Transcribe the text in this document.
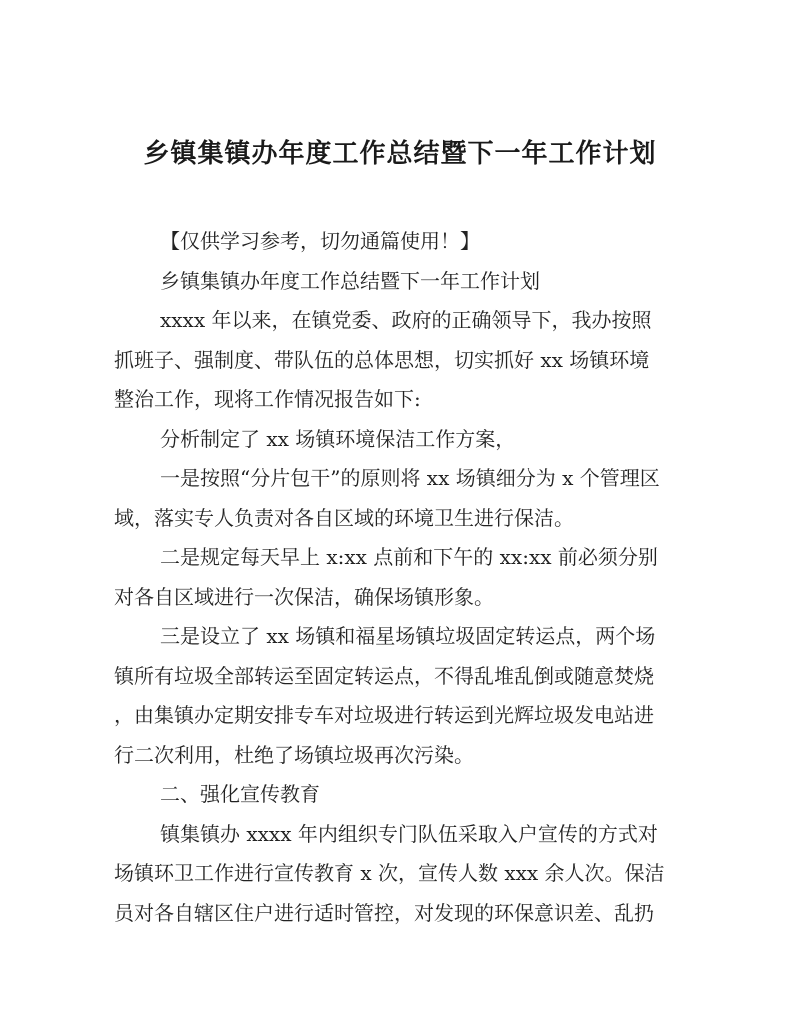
乡镇集镇办年度工作总结暨下一年工作计划

【仅供学习参考，切勿通篇使用！】

乡镇集镇办年度工作总结暨下一年工作计划

xxxx 年以来，在镇党委、政府的正确领导下，我办按照

抓班子、强制度、带队伍的总体思想，切实抓好 xx 场镇环境

整治工作，现将工作情况报告如下:

分析制定了 xx 场镇环境保洁工作方案，

一是按照“分片包干”的原则将 xx 场镇细分为 x 个管理区

域，落实专人负责对各自区域的环境卫生进行保洁。

二是规定每天早上 x:xx 点前和下午的 xx:xx 前必须分别

对各自区域进行一次保洁，确保场镇形象。

三是设立了 xx 场镇和福星场镇垃圾固定转运点，两个场

镇所有垃圾全部转运至固定转运点，不得乱堆乱倒或随意焚烧

，由集镇办定期安排专车对垃圾进行转运到光辉垃圾发电站进

行二次利用，杜绝了场镇垃圾再次污染。

二、强化宣传教育

镇集镇办 xxxx 年内组织专门队伍采取入户宣传的方式对

场镇环卫工作进行宣传教育 x 次，宣传人数 xxx 余人次。保洁

员对各自辖区住户进行适时管控，对发现的环保意识差、乱扔
